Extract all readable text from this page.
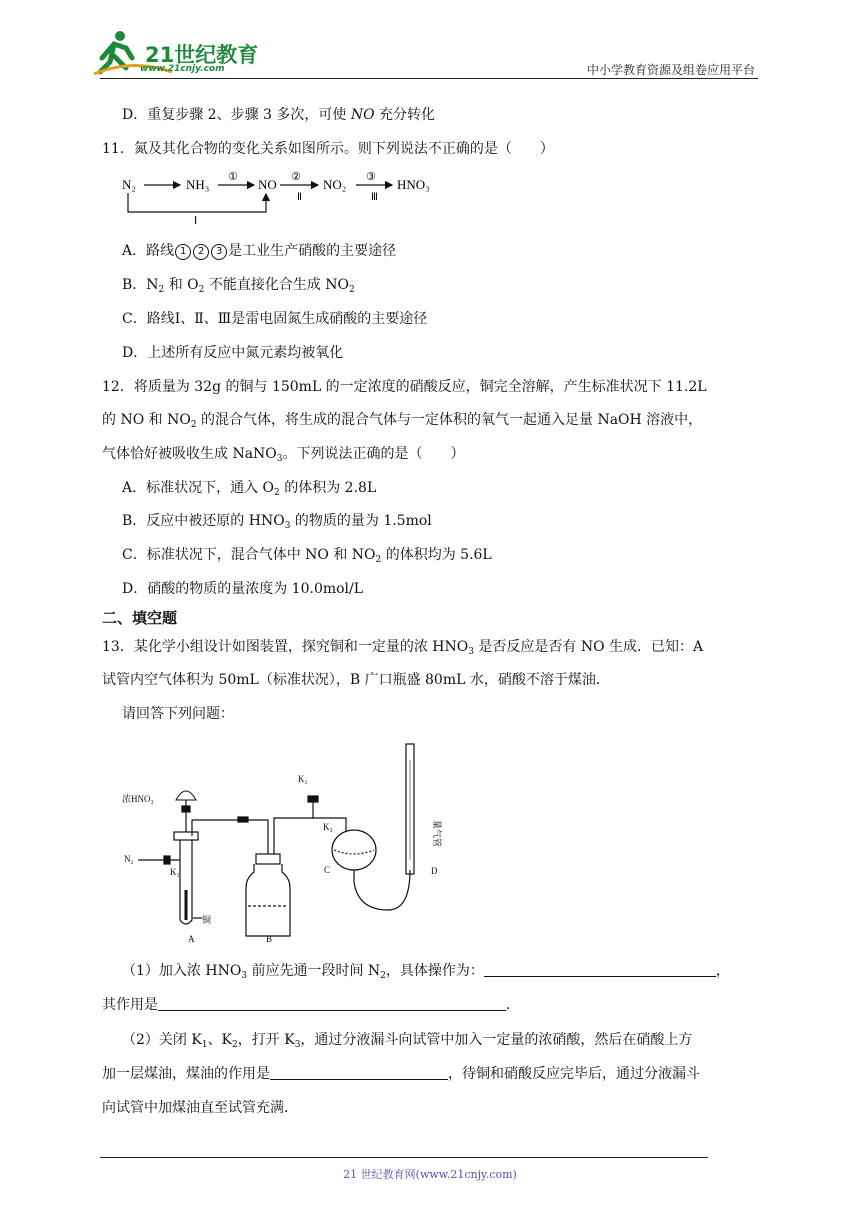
21世纪教育
www.21cnjy.com	中小学教育资源及组卷应用平台
D．重复步骤 2、步骤 3 多次，可使 NO 充分转化
11．氮及其化合物的变化关系如图所示。则下列说法不正确的是（　　）
N₂	NH₃
①
NO
②
Ⅱ
NO₂
③
Ⅲ
HNO₃
Ⅰ
A．路线 1 2 3 是工业生产硝酸的主要途径
B．$N_2$ 和 $O_2$ 不能直接化合生成 $NO_2$
C．路线Ⅰ、Ⅱ、Ⅲ是雷电固氮生成硝酸的主要途径
D．上述所有反应中氮元素均被氧化
12．将质量为 32g 的铜与 150mL 的一定浓度的硝酸反应，铜完全溶解，产生标准状况下 11.2L
的 NO 和 $NO_2$ 的混合气体，将生成的混合气体与一定体积的氧气一起通入足量 NaOH 溶液中，
气体恰好被吸收生成 NaNO$_3$。下列说法正确的是（　　）
A．标准状况下，通入 $O_2$ 的体积为 2.8L
B．反应中被还原的 $HNO_3$ 的物质的量为 1.5mol
C．标准状况下，混合气体中 NO 和 $NO_2$ 的体积均为 5.6L
D．硝酸的物质的量浓度为 10.0mol/L
二、填空题
13．某化学小组设计如图装置，探究铜和一定量的浓 $HNO_3$ 是否反应是否有 NO 生成．已知：A
试管内空气体积为 50mL（标准状况），B 广口瓶盛 80mL 水，硝酸不溶于煤油．
请回答下列问题：
浓HNO₃
N₂
K₁
铜
A	B
K₂
K₃
C	D
量气管
（1）加入浓 $HNO_3$ 前应先通一段时间 $N_2$，具体操作为：	，
其作用是	．
（2）关闭 $K_1$、$K_2$，打开 $K_3$，通过分液漏斗向试管中加入一定量的浓硝酸，然后在硝酸上方
加一层煤油，煤油的作用是	，待铜和硝酸反应完毕后，通过分液漏斗
向试管中加煤油直至试管充满．
21 世纪教育网(www.21cnjy.com)
